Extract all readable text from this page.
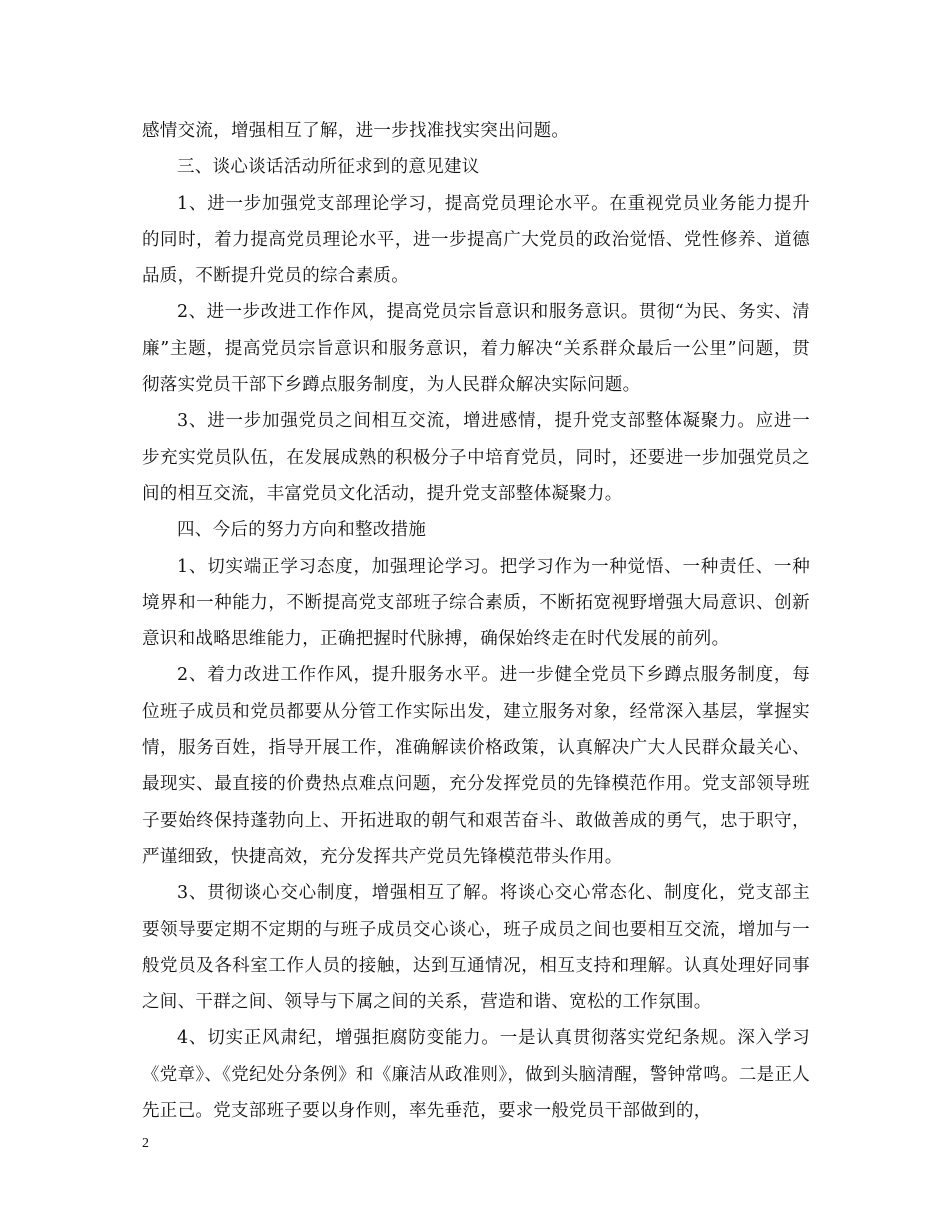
感情交流，增强相互了解，进一步找准找实突出问题。

三、谈心谈话活动所征求到的意见建议

1、进一步加强党支部理论学习，提高党员理论水平。在重视党员业务能力提升的同时，着力提高党员理论水平，进一步提高广大党员的政治觉悟、党性修养、道德品质，不断提升党员的综合素质。

2、进一步改进工作作风，提高党员宗旨意识和服务意识。贯彻“为民、务实、清廉”主题，提高党员宗旨意识和服务意识，着力解决“关系群众最后一公里”问题，贯彻落实党员干部下乡蹲点服务制度，为人民群众解决实际问题。

3、进一步加强党员之间相互交流，增进感情，提升党支部整体凝聚力。应进一步充实党员队伍，在发展成熟的积极分子中培育党员，同时，还要进一步加强党员之间的相互交流，丰富党员文化活动，提升党支部整体凝聚力。

四、今后的努力方向和整改措施

1、切实端正学习态度，加强理论学习。把学习作为一种觉悟、一种责任、一种境界和一种能力，不断提高党支部班子综合素质，不断拓宽视野增强大局意识、创新意识和战略思维能力，正确把握时代脉搏，确保始终走在时代发展的前列。

2、着力改进工作作风，提升服务水平。进一步健全党员下乡蹲点服务制度，每位班子成员和党员都要从分管工作实际出发，建立服务对象，经常深入基层，掌握实情，服务百姓，指导开展工作，准确解读价格政策，认真解决广大人民群众最关心、最现实、最直接的价费热点难点问题，充分发挥党员的先锋模范作用。党支部领导班子要始终保持蓬勃向上、开拓进取的朝气和艰苦奋斗、敢做善成的勇气，忠于职守，严谨细致，快捷高效，充分发挥共产党员先锋模范带头作用。

3、贯彻谈心交心制度，增强相互了解。将谈心交心常态化、制度化，党支部主要领导要定期不定期的与班子成员交心谈心，班子成员之间也要相互交流，增加与一般党员及各科室工作人员的接触，达到互通情况，相互支持和理解。认真处理好同事之间、干群之间、领导与下属之间的关系，营造和谐、宽松的工作氛围。

4、切实正风肃纪，增强拒腐防变能力。一是认真贯彻落实党纪条规。深入学习《党章》、《党纪处分条例》和《廉洁从政准则》，做到头脑清醒，警钟常鸣。二是正人先正己。党支部班子要以身作则，率先垂范，要求一般党员干部做到的，

2
